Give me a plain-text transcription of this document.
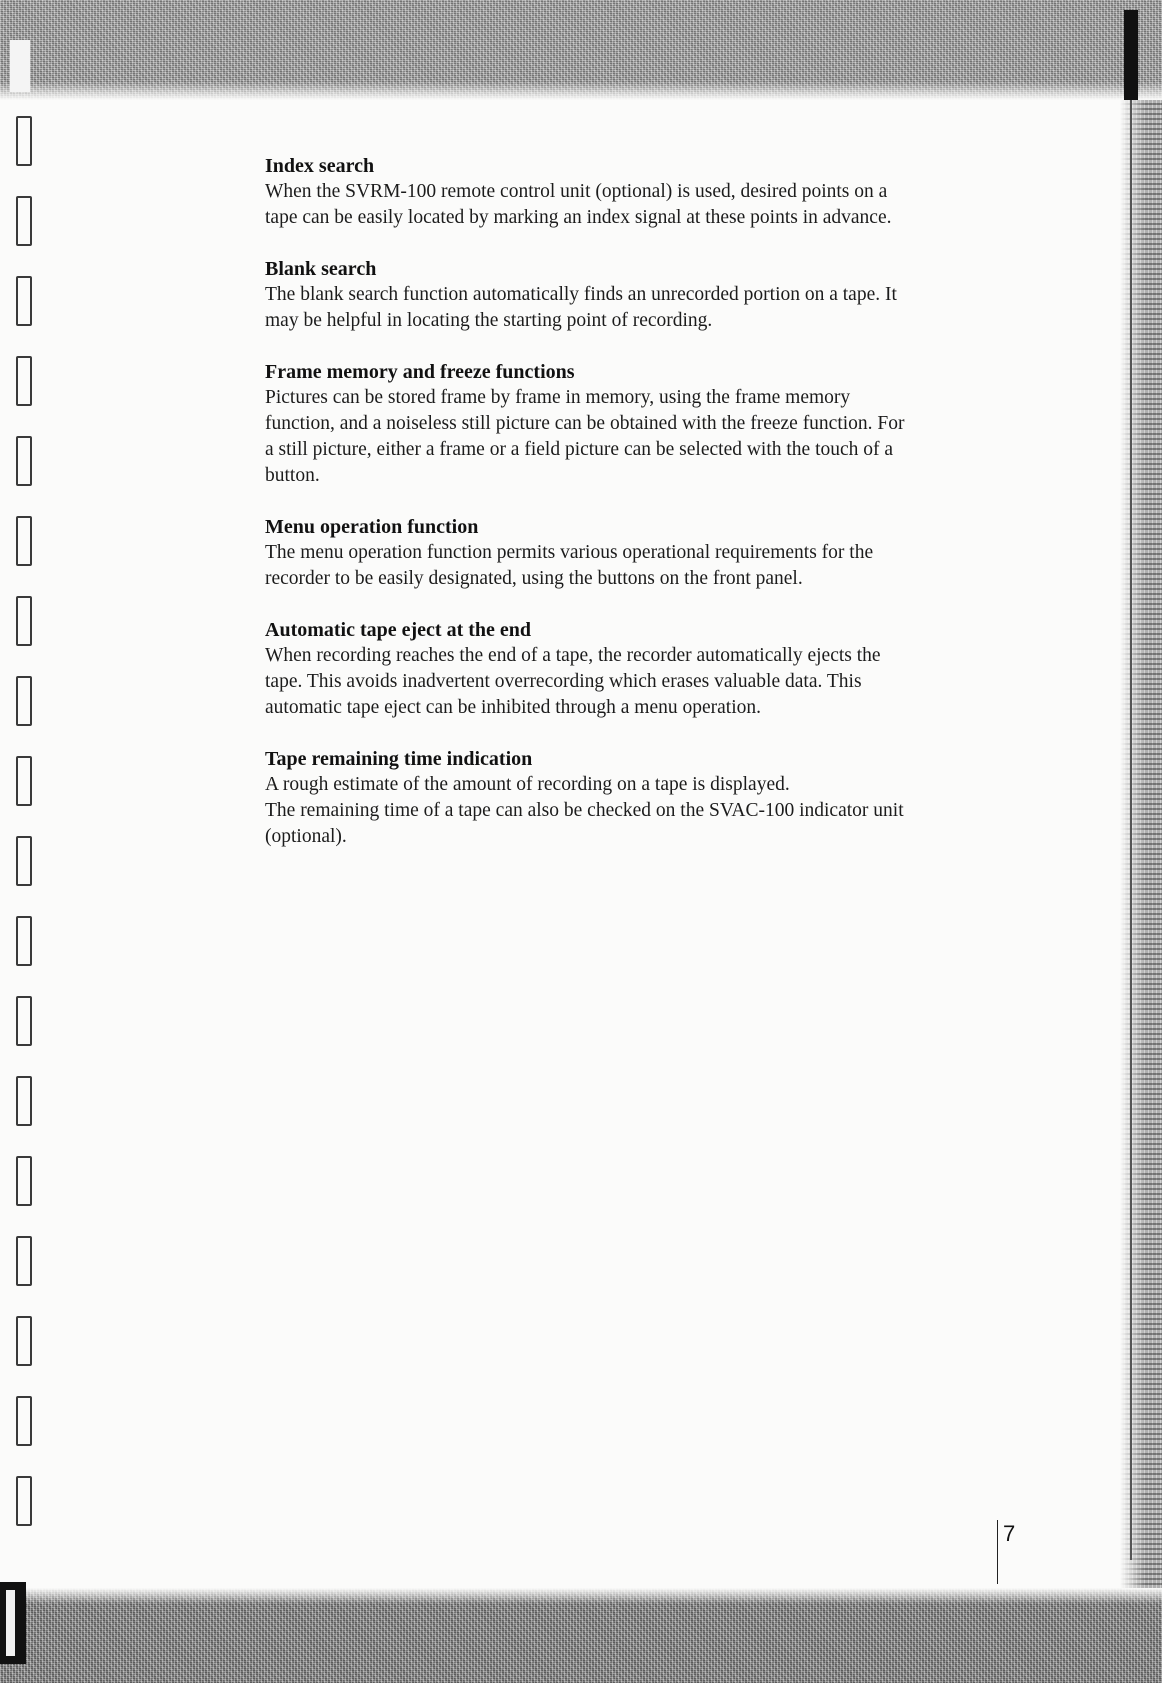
Index search

When the SVRM-100 remote control unit (optional) is used, desired points on a

tape can be easily located by marking an index signal at these points in advance.

Blank search

The blank search function automatically finds an unrecorded portion on a tape. It

may be helpful in locating the starting point of recording.

Frame memory and freeze functions

Pictures can be stored frame by frame in memory, using the frame memory

function, and a noiseless still picture can be obtained with the freeze function. For

a still picture, either a frame or a field picture can be selected with the touch of a

button.

Menu operation function

The menu operation function permits various operational requirements for the

recorder to be easily designated, using the buttons on the front panel.

Automatic tape eject at the end

When recording reaches the end of a tape, the recorder automatically ejects the

tape. This avoids inadvertent overrecording which erases valuable data. This

automatic tape eject can be inhibited through a menu operation.

Tape remaining time indication

A rough estimate of the amount of recording on a tape is displayed.

The remaining time of a tape can also be checked on the SVAC-100 indicator unit

(optional).

7
